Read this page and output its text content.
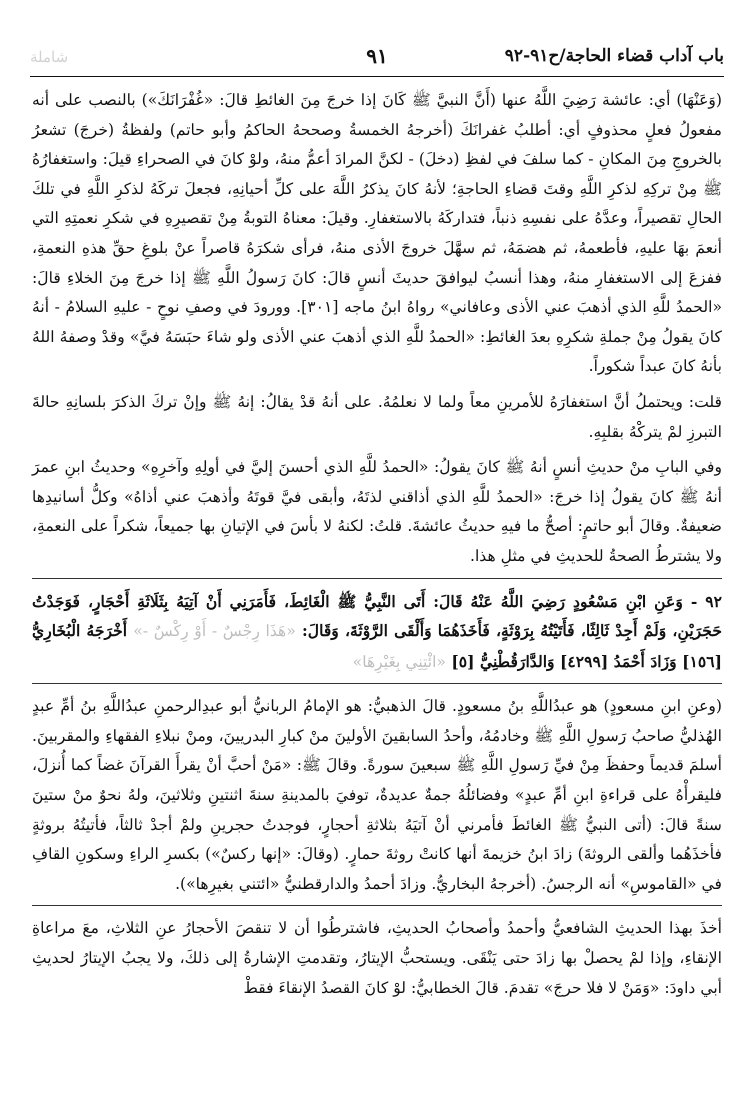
باب آداب قضاء الحاجة/ح٩١-٩٢
٩١
شاملة

(وَعَنْهَا) أي: عائشة رَضِيَ اللَّهُ عنها (أَنَّ النبيَّ ﷺ كَانَ إذا خرجَ مِنَ الغائطِ قالَ: «غُفْرَانَكَ») بالنصب على أنه مفعولُ فعلٍ محذوفٍ أي: أطلبُ غفرانَكَ (أخرجهُ الخمسةُ وصححهُ الحاكمُ وأبو حاتم) ولفظةُ (خرجَ) تشعرُ بالخروجِ مِنَ المكانِ - كما سلفَ في لفظِ (دخلَ) - لكنَّ المرادَ أعمُّ منهُ، ولوْ كانَ في الصحراءِ قيلَ: واستغفارُهُ ﷺ مِنْ تركِهِ لذكرِ اللَّهِ وقتَ قضاءِ الحاجةِ؛ لأنهُ كانَ يذكرُ اللَّهَ على كلِّ أحيانِهِ، فجعلَ تركَهُ لذكرِ اللَّهِ في تلكَ الحالِ تقصيراً، وعدَّهُ على نفسِهِ ذنباً، فتداركَهُ بالاستغفارِ. وقيلَ: معناهُ التوبةُ مِنْ تقصيرِهِ في شكرِ نعمتِهِ التي أنعمَ بهَا عليهِ، فأطعمهُ، ثم هضمَهُ، ثم سهَّلَ خروجَ الأذى منهُ، فرأى شكرَهُ قاصراً عنْ بلوغِ حقِّ هذهِ النعمةِ، ففزعَ إلى الاستغفارِ منهُ، وهذا أنسبُ ليوافقَ حديثَ أنسٍ قالَ: كانَ رَسولُ اللَّهِ ﷺ إذا خرجَ مِنَ الخلاءِ قالَ: «الحمدُ للَّهِ الذي أذهبَ عني الأذى وعافاني» رواهُ ابنُ ماجه [٣٠١]. وورودَ في وصفِ نوحٍ - عليهِ السلامُ - أنهُ كانَ يقولُ مِنْ جملةِ شكرِهِ بعدَ الغائطِ: «الحمدُ للَّهِ الذي أذهبَ عني الأذى ولو شاءَ حبَسَهُ فيَّ» وقدْ وصفهُ اللهُ بأنهُ كانَ عبداً شكوراً.

قلت: ويحتملُ أنَّ استغفارَهُ للأمرينِ معاً ولما لا نعلمُهُ. على أنهُ قدْ يقالُ: إنهُ ﷺ وإنْ تركَ الذكرَ بلسانِهِ حالةَ التبرزِ لمْ يتركْهُ بقلبِهِ.

وفي البابِ منْ حديثِ أنسٍ أنهُ ﷺ كانَ يقولُ: «الحمدُ للَّهِ الذي أحسنَ إليَّ في أولِهِ وآخرِهِ» وحديثُ ابنِ عمرَ أنهُ ﷺ كانَ يقولُ إذا خرجَ: «الحمدُ للَّهِ الذي أذاقني لذتَهُ، وأبقى فيَّ قوتَهُ وأذهبَ عني أذاهُ» وكلُّ أسانيدِها ضعيفةٌ. وقالَ أبو حاتمٍ: أصحُّ ما فيهِ حديثُ عائشةَ. قلتُ: لكنهُ لا بأسَ في الإتيانِ بها جميعاً، شكراً على النعمةِ، ولا يشترطُ الصحةُ للحديثِ في مثلِ هذا.

٩٢ - وَعَنِ ابْنِ مَسْعُودٍ رَضِيَ اللَّهُ عَنْهُ قَالَ: أَتَى النَّبِيُّ ﷺ الْغَائِطَ، فَأَمَرَنِي أَنْ آتِيَهُ بِثَلَاثَةِ أَحْجَارٍ، فَوَجَدْتُ حَجَرَيْنِ، وَلَمْ أَجِدْ ثَالِثًا، فَأَتَيْتُهُ بِرَوْثَةٍ، فَأَخَذَهُمَا وَأَلْقَى الرَّوْثَةَ، وَقَالَ: «هَذَا رِجْسٌ - أَوْ رِكْسٌ -» أَخْرَجَهُ الْبُخَارِيُّ [١٥٦] وَزَادَ أَحْمَدُ [٤٢٩٩] وَالدَّارَقُطْنِيُّ [٥] «ائْتِنِي بِغَيْرِهَا»

(وعنِ ابنِ مسعودٍ) هو عبدُاللَّهِ بنُ مسعودٍ. قالَ الذهبيُّ: هو الإمامُ الربانيُّ أبو عبدِالرحمنِ عبدُاللَّهِ بنُ أمِّ عبدٍ الهُذليُّ صاحبُ رَسولِ اللَّهِ ﷺ وخادمُهُ، وأحدُ السابقينَ الأولينَ منْ كبارِ البدريينَ، ومنْ نبلاءِ الفقهاءِ والمقربينَ. أسلمَ قديماً وحفظَ مِنْ فيِّ رَسولِ اللَّهِ ﷺ سبعينَ سورةً. وقالَ ﷺ: «مَنْ أحبَّ أنْ يقرأَ القرآنَ غضاً كما أُنزلَ، فليقرأْهُ على قراءةِ ابنِ أمِّ عبدٍ» وفضائلُهُ جمةٌ عديدةٌ، توفيَ بالمدينةِ سنةَ اثنتينِ وثلاثينَ، ولهُ نحوٌ منْ ستينَ سنةً قالَ: (أتى النبيُّ ﷺ الغائطَ فأمرني أنْ آتيَهُ بثلاثةِ أحجارٍ، فوجدتُ حجرينِ ولمْ أجدْ ثالثاً، فأتيتُهُ بروثةٍ فأخذَهُما وألقى الروثةَ) زادَ ابنُ خزيمةَ أنها كانتْ روثةَ حمارٍ. (وقالَ: «إنها ركسٌ») بكسرِ الراءِ وسكونِ القافِ في «القاموسِ» أنه الرجسُ. (أخرجهُ البخاريُّ. وزادَ أحمدُ والدارقطنيُّ «ائتني بغيرِها»).

أخذَ بهذا الحديثِ الشافعيُّ وأحمدُ وأصحابُ الحديثِ، فاشترطُوا أن لا تنقصَ الأحجارُ عنِ الثلاثِ، معَ مراعاةِ الإنقاءِ، وإذا لمْ يحصلْ بها زادَ حتى يَنْقَى. ويستحبُّ الإيتارُ، وتقدمتِ الإشارةُ إلى ذلكَ، ولا يجبُ الإيتارُ لحديثِ أبي داودَ: «وَمَنْ لا فلا حرجَ» تقدمَ. قالَ الخطابيُّ: لوْ كانَ القصدُ الإنقاءَ فقطْ
